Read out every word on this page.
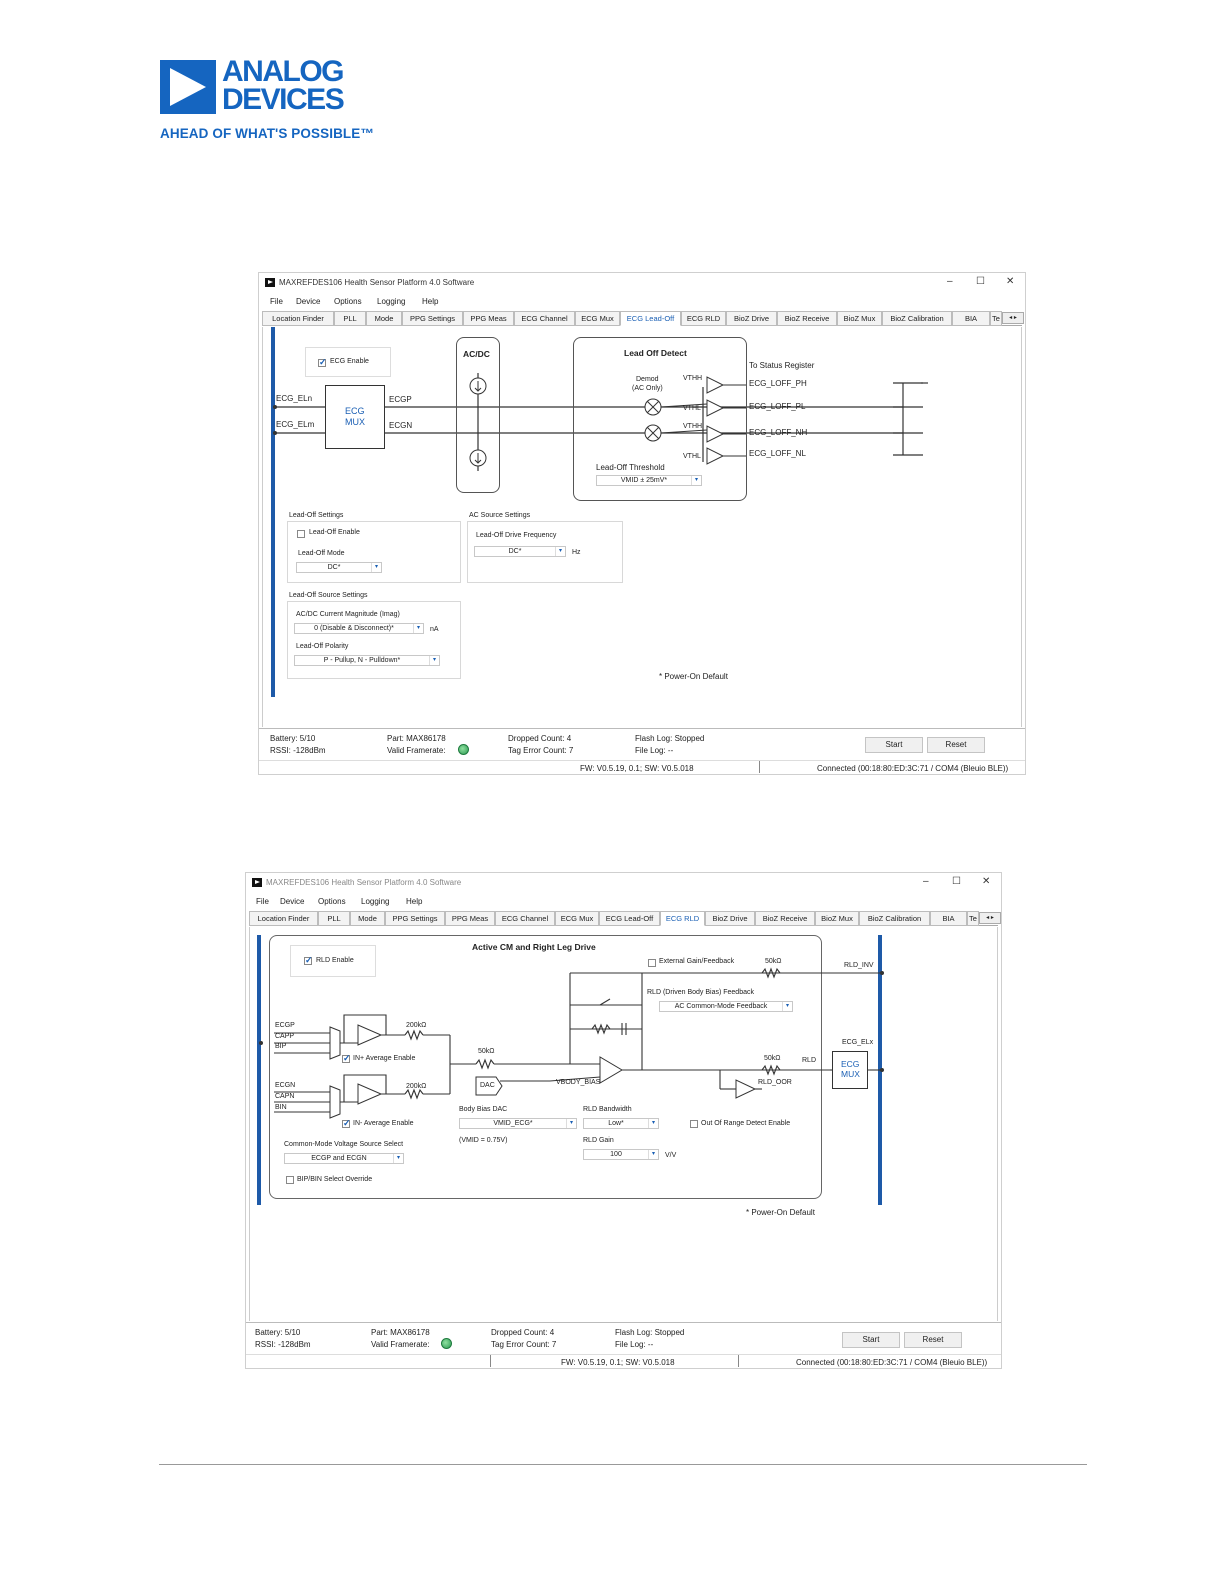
ANALOG
DEVICES
AHEAD OF WHAT'S POSSIBLE™
MAXREFDES106 Health Sensor Platform 4.0 Software	– ☐ ✕
File Device Options Logging Help
Location Finder	PLL	Mode	PPG Settings	PPG Meas	ECG Channel	ECG Mux	ECG Lead-Off	ECG RLD	BioZ Drive	BioZ Receive	BioZ Mux	BioZ Calibration	BIA	Te	◂ ▸
✓
ECG Enable
ECG_ELn
ECG_ELm
ECG
MUX
ECGP
ECGN
AC/DC	Lead Off Detect
Demod
(AC Only)
VTHH
VTHL
VTHH
VTHL
Lead-Off Threshold
VMID ± 25mV*	▾
To Status Register
ECG_LOFF_PH
ECG_LOFF_PL
ECG_LOFF_NH
ECG_LOFF_NL
Lead-Off Settings
Lead-Off Enable
Lead-Off Mode
DC*	▾
AC Source Settings
Lead-Off Drive Frequency
DC*	▾	Hz
Lead-Off Source Settings
AC/DC Current Magnitude (Imag)
0 (Disable & Disconnect)*	▾	nA
Lead-Off Polarity
P - Pullup, N - Pulldown*	▾
* Power-On Default
Battery: 5/10
RSSI: -128dBm
Part: MAX86178
Valid Framerate:
Dropped Count: 4
Tag Error Count: 7
Flash Log: Stopped
File Log: --
Start	Reset
FW: V0.5.19, 0.1; SW: V0.5.018	Connected (00:18:80:ED:3C:71 / COM4 (Bleuio BLE))
MAXREFDES106 Health Sensor Platform 4.0 Software	– ☐ ✕
File Device Options Logging Help
Location Finder	PLL	Mode	PPG Settings	PPG Meas	ECG Channel	ECG Mux	ECG Lead-Off	ECG RLD	BioZ Drive	BioZ Receive	BioZ Mux	BioZ Calibration	BIA	Te	◂ ▸
✓
RLD Enable
Active CM and Right Leg Drive
External Gain/Feedback	50kΩ
RLD_INV
RLD (Driven Body Bias) Feedback
AC Common-Mode Feedback	▾
ECGP
CAPP
BIP
200kΩ
✓
IN+ Average Enable
50kΩ
DAC	VBODY_BIAS
50kΩ	RLD
RLD_OOR
ECG_ELx
ECG
MUX
ECGN
CAPN
BIN
200kΩ
✓
IN- Average Enable
Body Bias DAC
VMID_ECG*	▾
(VMID = 0.75V)
RLD Bandwidth
Low*	▾	Out Of Range Detect Enable
RLD Gain
100	▾	V/V
Common-Mode Voltage Source Select
ECGP and ECGN	▾
BIP/BIN Select Override
* Power-On Default
Battery: 5/10
RSSI: -128dBm
Part: MAX86178
Valid Framerate:
Dropped Count: 4
Tag Error Count: 7
Flash Log: Stopped
File Log: --
Start	Reset
FW: V0.5.19, 0.1; SW: V0.5.018	Connected (00:18:80:ED:3C:71 / COM4 (Bleuio BLE))
